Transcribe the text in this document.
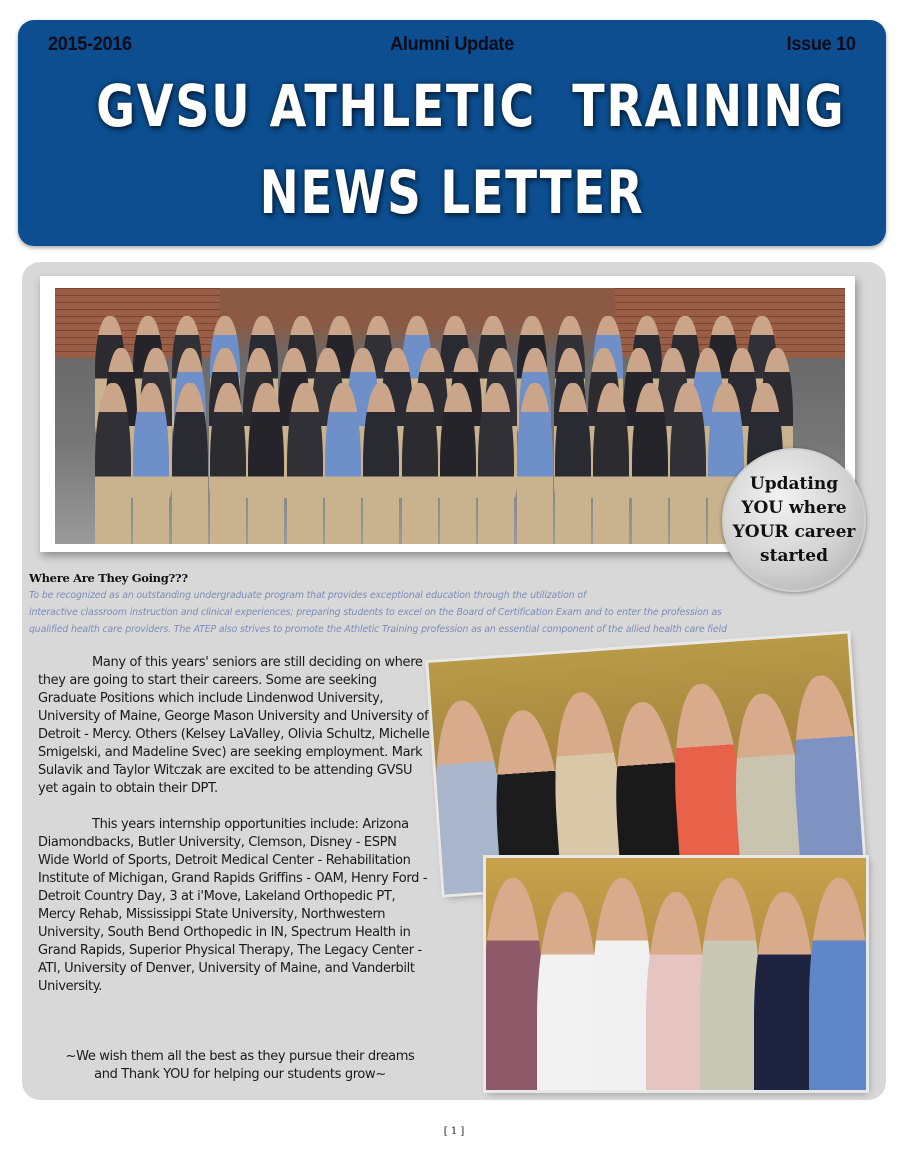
2015-2016	Alumni Update	Issue 10
GVSU ATHLETIC  TRAINING
NEWS LETTER
Updating
YOU where
YOUR career
started
Where Are They Going???
To be recognized as an outstanding undergraduate program that provides exceptional education through the utilization of
interactive classroom instruction and clinical experiences; preparing students to excel on the Board of Certification Exam and to enter the profession as
qualified health care providers. The ATEP also strives to promote the Athletic Training profession as an essential component of the allied health care field

Many of this years' seniors are still deciding on where they are going to start their careers. Some are seeking Graduate Positions which include Lindenwod University, University of Maine, George Mason University and University of Detroit - Mercy. Others (Kelsey LaValley, Olivia Schultz, Michelle Smigelski, and Madeline Svec) are seeking employment. Mark Sulavik and Taylor Witczak are excited to be attending GVSU yet again to obtain their DPT.

This years internship opportunities include: Arizona Diamondbacks, Butler University, Clemson, Disney - ESPN Wide World of Sports, Detroit Medical Center - Rehabilitation Institute of Michigan, Grand Rapids Griffins - OAM, Henry Ford -Detroit Country Day, 3 at i'Move, Lakeland Orthopedic PT, Mercy Rehab, Mississippi State University, Northwestern University, South Bend Orthopedic in IN, Spectrum Health in Grand Rapids, Superior Physical Therapy, The Legacy Center - ATI, University of Denver, University of Maine, and Vanderbilt University.

~We wish them all the best as they pursue their dreams
and Thank YOU for helping our students grow~
[ 1 ]
